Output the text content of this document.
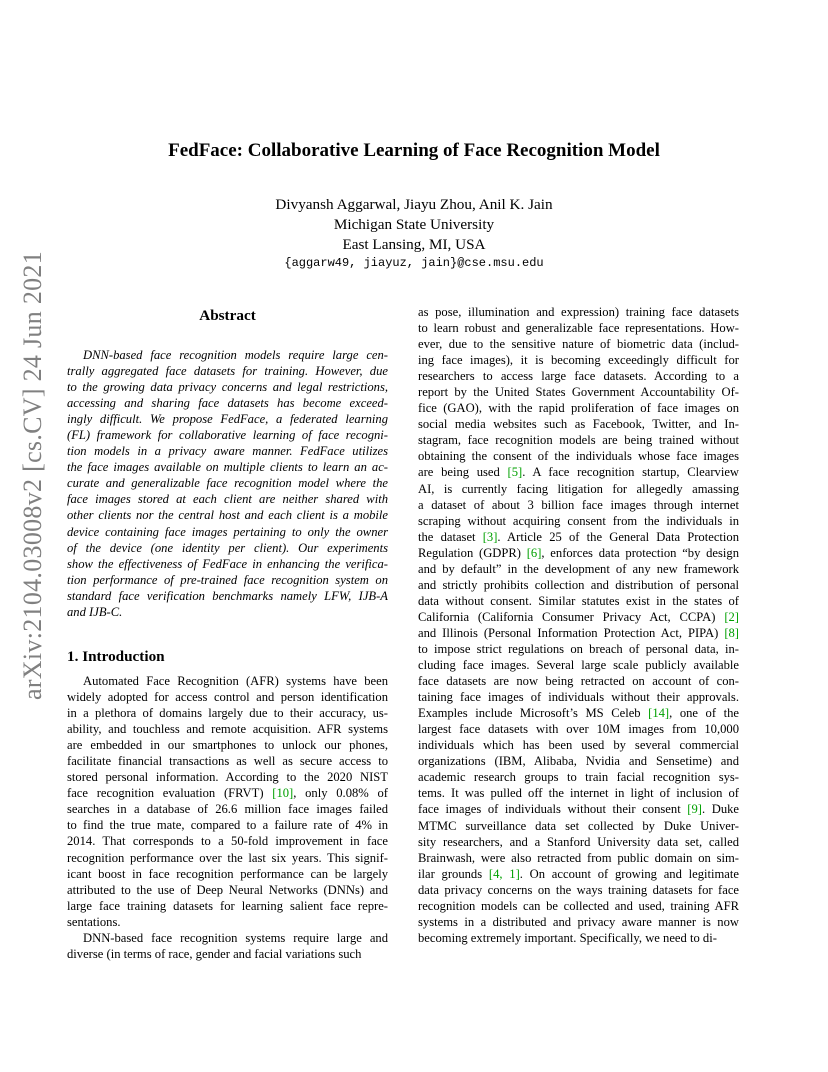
arXiv:2104.03008v2 [cs.CV] 24 Jun 2021
FedFace: Collaborative Learning of Face Recognition Model
Divyansh Aggarwal, Jiayu Zhou, Anil K. Jain
Michigan State University
East Lansing, MI, USA
{aggarw49, jiayuz, jain}@cse.msu.edu
Abstract
DNN-based face recognition models require large cen-
trally aggregated face datasets for training. However, due
to the growing data privacy concerns and legal restrictions,
accessing and sharing face datasets has become exceed-
ingly difficult. We propose FedFace, a federated learning
(FL) framework for collaborative learning of face recogni-
tion models in a privacy aware manner. FedFace utilizes
the face images available on multiple clients to learn an ac-
curate and generalizable face recognition model where the
face images stored at each client are neither shared with
other clients nor the central host and each client is a mobile
device containing face images pertaining to only the owner
of the device (one identity per client). Our experiments
show the effectiveness of FedFace in enhancing the verifica-
tion performance of pre-trained face recognition system on
standard face verification benchmarks namely LFW, IJB-A
and IJB-C.
1. Introduction
Automated Face Recognition (AFR) systems have been
widely adopted for access control and person identification
in a plethora of domains largely due to their accuracy, us-
ability, and touchless and remote acquisition. AFR systems
are embedded in our smartphones to unlock our phones,
facilitate financial transactions as well as secure access to
stored personal information. According to the 2020 NIST
face recognition evaluation (FRVT) [10], only 0.08% of
searches in a database of 26.6 million face images failed
to find the true mate, compared to a failure rate of 4% in
2014. That corresponds to a 50-fold improvement in face
recognition performance over the last six years. This signif-
icant boost in face recognition performance can be largely
attributed to the use of Deep Neural Networks (DNNs) and
large face training datasets for learning salient face repre-
sentations.
DNN-based face recognition systems require large and
diverse (in terms of race, gender and facial variations such
as pose, illumination and expression) training face datasets
to learn robust and generalizable face representations. How-
ever, due to the sensitive nature of biometric data (includ-
ing face images), it is becoming exceedingly difficult for
researchers to access large face datasets. According to a
report by the United States Government Accountability Of-
fice (GAO), with the rapid proliferation of face images on
social media websites such as Facebook, Twitter, and In-
stagram, face recognition models are being trained without
obtaining the consent of the individuals whose face images
are being used [5]. A face recognition startup, Clearview
AI, is currently facing litigation for allegedly amassing
a dataset of about 3 billion face images through internet
scraping without acquiring consent from the individuals in
the dataset [3]. Article 25 of the General Data Protection
Regulation (GDPR) [6], enforces data protection “by design
and by default” in the development of any new framework
and strictly prohibits collection and distribution of personal
data without consent. Similar statutes exist in the states of
California (California Consumer Privacy Act, CCPA) [2]
and Illinois (Personal Information Protection Act, PIPA) [8]
to impose strict regulations on breach of personal data, in-
cluding face images. Several large scale publicly available
face datasets are now being retracted on account of con-
taining face images of individuals without their approvals.
Examples include Microsoft’s MS Celeb [14], one of the
largest face datasets with over 10M images from 10,000
individuals which has been used by several commercial
organizations (IBM, Alibaba, Nvidia and Sensetime) and
academic research groups to train facial recognition sys-
tems. It was pulled off the internet in light of inclusion of
face images of individuals without their consent [9]. Duke
MTMC surveillance data set collected by Duke Univer-
sity researchers, and a Stanford University data set, called
Brainwash, were also retracted from public domain on sim-
ilar grounds [4, 1]. On account of growing and legitimate
data privacy concerns on the ways training datasets for face
recognition models can be collected and used, training AFR
systems in a distributed and privacy aware manner is now
becoming extremely important. Specifically, we need to di-
